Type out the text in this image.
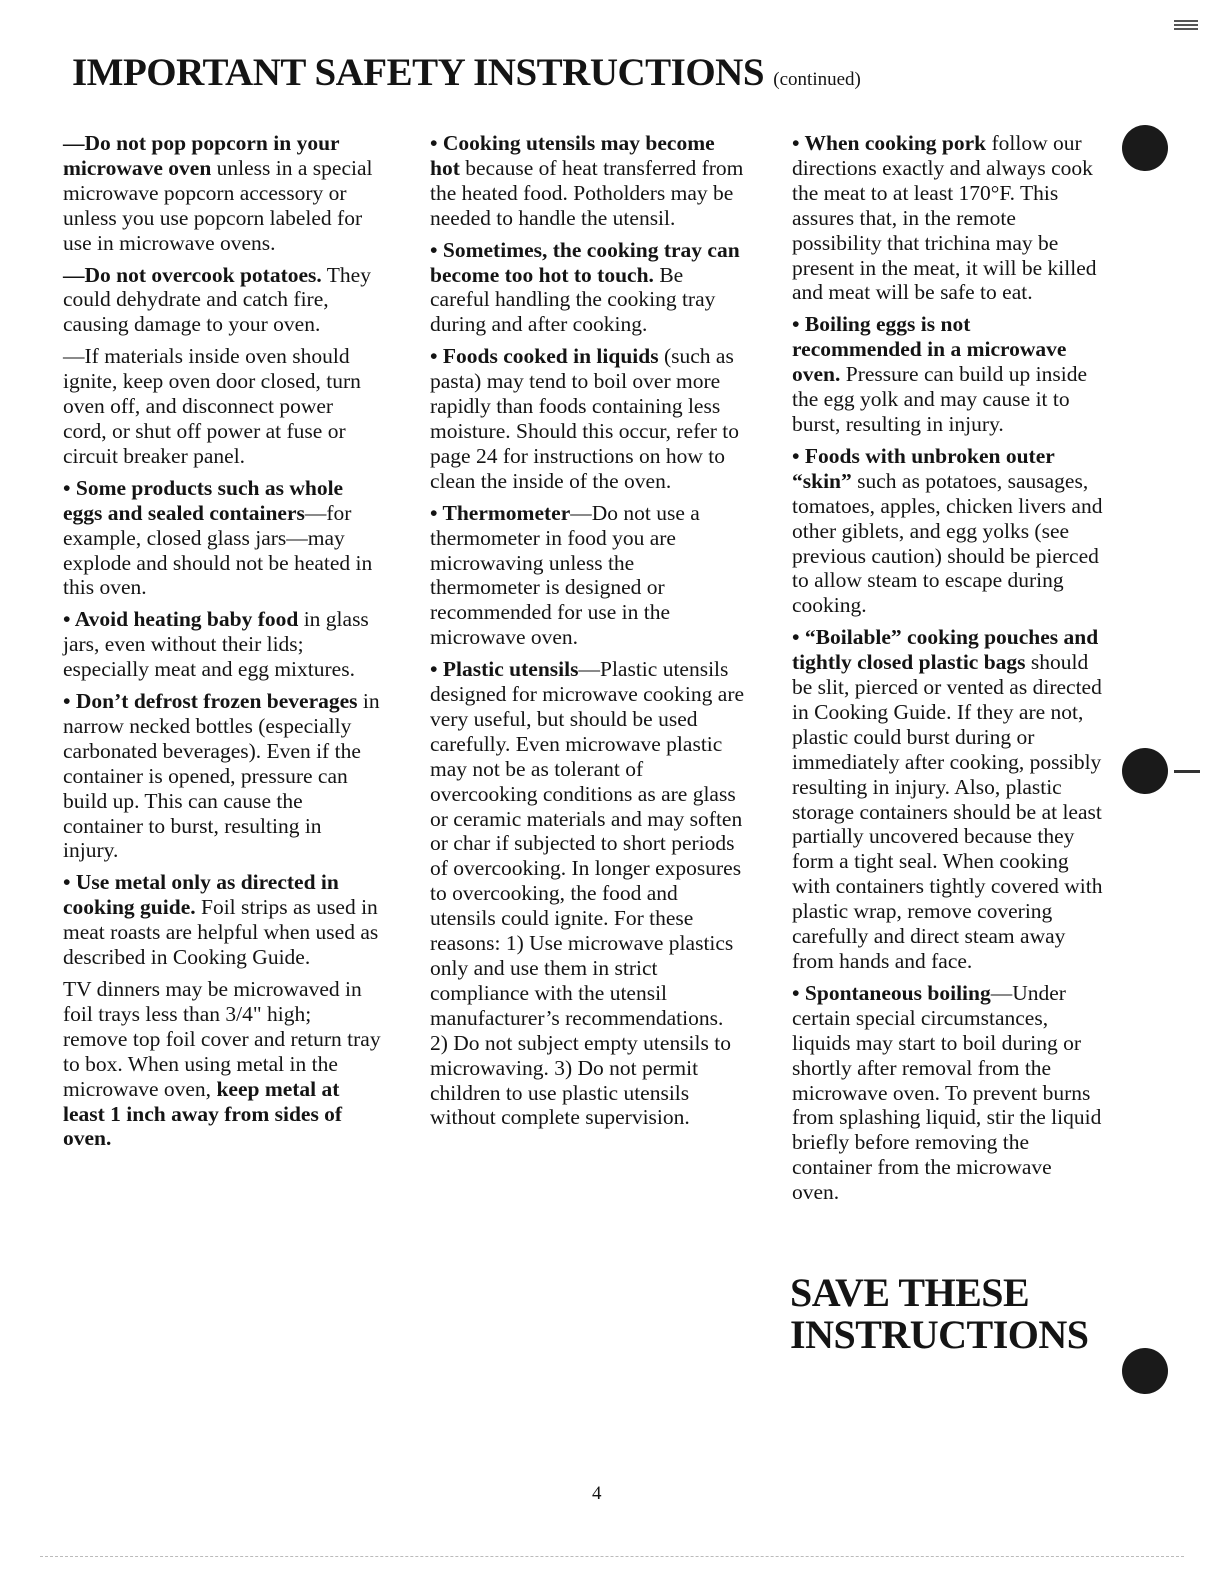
IMPORTANT SAFETY INSTRUCTIONS (continued)

—Do not pop popcorn in your microwave oven unless in a special microwave popcorn accessory or unless you use popcorn labeled for use in microwave ovens.

—Do not overcook potatoes. They could dehydrate and catch fire, causing damage to your oven.

—If materials inside oven should ignite, keep oven door closed, turn oven off, and disconnect power cord, or shut off power at fuse or circuit breaker panel.

• Some products such as whole eggs and sealed containers—for example, closed glass jars—may explode and should not be heated in this oven.

• Avoid heating baby food in glass jars, even without their lids; especially meat and egg mixtures.

• Don’t defrost frozen beverages in narrow necked bottles (especially carbonated beverages). Even if the container is opened, pressure can build up. This can cause the container to burst, resulting in injury.

• Use metal only as directed in cooking guide. Foil strips as used in meat roasts are helpful when used as described in Cooking Guide.

TV dinners may be microwaved in foil trays less than 3/4" high; remove top foil cover and return tray to box. When using metal in the microwave oven, keep metal at least 1 inch away from sides of oven.

• Cooking utensils may become hot because of heat transferred from the heated food. Potholders may be needed to handle the utensil.

• Sometimes, the cooking tray can become too hot to touch. Be careful handling the cooking tray during and after cooking.

• Foods cooked in liquids (such as pasta) may tend to boil over more rapidly than foods containing less moisture. Should this occur, refer to page 24 for instructions on how to clean the inside of the oven.

• Thermometer—Do not use a thermometer in food you are microwaving unless the thermometer is designed or recommended for use in the microwave oven.

• Plastic utensils—Plastic utensils designed for microwave cooking are very useful, but should be used carefully. Even microwave plastic may not be as tolerant of overcooking conditions as are glass or ceramic materials and may soften or char if subjected to short periods of overcooking. In longer exposures to overcooking, the food and utensils could ignite. For these reasons: 1) Use microwave plastics only and use them in strict compliance with the utensil manufacturer’s recommendations. 2) Do not subject empty utensils to microwaving. 3) Do not permit children to use plastic utensils without complete supervision.

• When cooking pork follow our directions exactly and always cook the meat to at least 170°F. This assures that, in the remote possibility that trichina may be present in the meat, it will be killed and meat will be safe to eat.

• Boiling eggs is not recommended in a microwave oven. Pressure can build up inside the egg yolk and may cause it to burst, resulting in injury.

• Foods with unbroken outer “skin” such as potatoes, sausages, tomatoes, apples, chicken livers and other giblets, and egg yolks (see previous caution) should be pierced to allow steam to escape during cooking.

• “Boilable” cooking pouches and tightly closed plastic bags should be slit, pierced or vented as directed in Cooking Guide. If they are not, plastic could burst during or immediately after cooking, possibly resulting in injury. Also, plastic storage containers should be at least partially uncovered because they form a tight seal. When cooking with containers tightly covered with plastic wrap, remove covering carefully and direct steam away from hands and face.

• Spontaneous boiling—Under certain special circumstances, liquids may start to boil during or shortly after removal from the microwave oven. To prevent burns from splashing liquid, stir the liquid briefly before removing the container from the microwave oven.

SAVE THESE
INSTRUCTIONS
4
